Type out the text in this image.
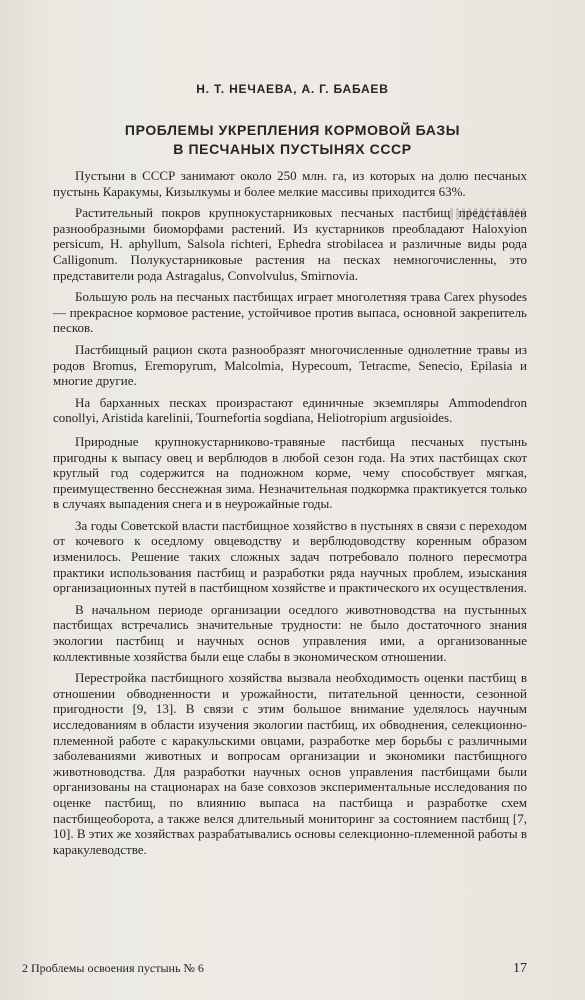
Н. Т. НЕЧАЕВА, А. Г. БАБАЕВ
ПРОБЛЕМЫ УКРЕПЛЕНИЯ КОРМОВОЙ БАЗЫ
В ПЕСЧАНЫХ ПУСТЫНЯХ СССР

Пустыни в СССР занимают около 250 млн. га, из которых на долю песчаных пустынь Каракумы, Кизылкумы и более мелкие массивы приходится 63%.

Растительный покров крупнокустарниковых песчаных пастбищ представлен разнообразными биоморфами растений. Из кустарников преобладают Haloxyion persicum, H. aphyllum, Salsola richteri, Ephedra strobilacea и различные виды рода Calligonum. Полукустарниковые растения на песках немногочисленны, это представители рода Astragalus, Convolvulus, Smirnovia.

Большую роль на песчаных пастбищах играет многолетняя трава Carex physodes — прекрасное кормовое растение, устойчивое против выпаса, основной закрепитель песков.

Пастбищный рацион скота разнообразят многочисленные однолетние травы из родов Bromus, Eremopyrum, Malcolmia, Hypecoum, Tetracme, Senecio, Epilasia и многие другие.

На барханных песках произрастают единичные экземпляры Ammodendron conollyi, Aristida karelinii, Tournefortia sogdiana, Heliotropium argusioides.

Природные крупнокустарниково-травяные пастбища песчаных пустынь пригодны к выпасу овец и верблюдов в любой сезон года. На этих пастбищах скот круглый год содержится на подножном корме, чему способствует мягкая, преимущественно бесснежная зима. Незначительная подкормка практикуется только в случаях выпадения снега и в неурожайные годы.

За годы Советской власти пастбищное хозяйство в пустынях в связи с переходом от кочевого к оседлому овцеводству и верблюдоводству коренным образом изменилось. Решение таких сложных задач потребовало полного пересмотра практики использования пастбищ и разработки ряда научных проблем, изыскания организационных путей в пастбищном хозяйстве и практического их осуществления.

В начальном периоде организации оседлого животноводства на пустынных пастбищах встречались значительные трудности: не было достаточного знания экологии пастбищ и научных основ управления ими, а организованные коллективные хозяйства были еще слабы в экономическом отношении.

Перестройка пастбищного хозяйства вызвала необходимость оценки пастбищ в отношении обводненности и урожайности, питательной ценности, сезонной пригодности [9, 13]. В связи с этим большое внимание уделялось научным исследованиям в области изучения экологии пастбищ, их обводнения, селекционно-племенной работе с каракульскими овцами, разработке мер борьбы с различными заболеваниями животных и вопросам организации и экономики пастбищного животноводства. Для разработки научных основ управления пастбищами были организованы на стационарах на базе совхозов экспериментальные исследования по оценке пастбищ, по влиянию выпаса на пастбища и разработке схем пастбищеоборота, а также велся длительный мониторинг за состоянием пастбищ [7, 10]. В этих же хозяйствах разрабатывались основы селекционно-племенной работы в каракулеводстве.

2 Проблемы освоения пустынь № 6	17
